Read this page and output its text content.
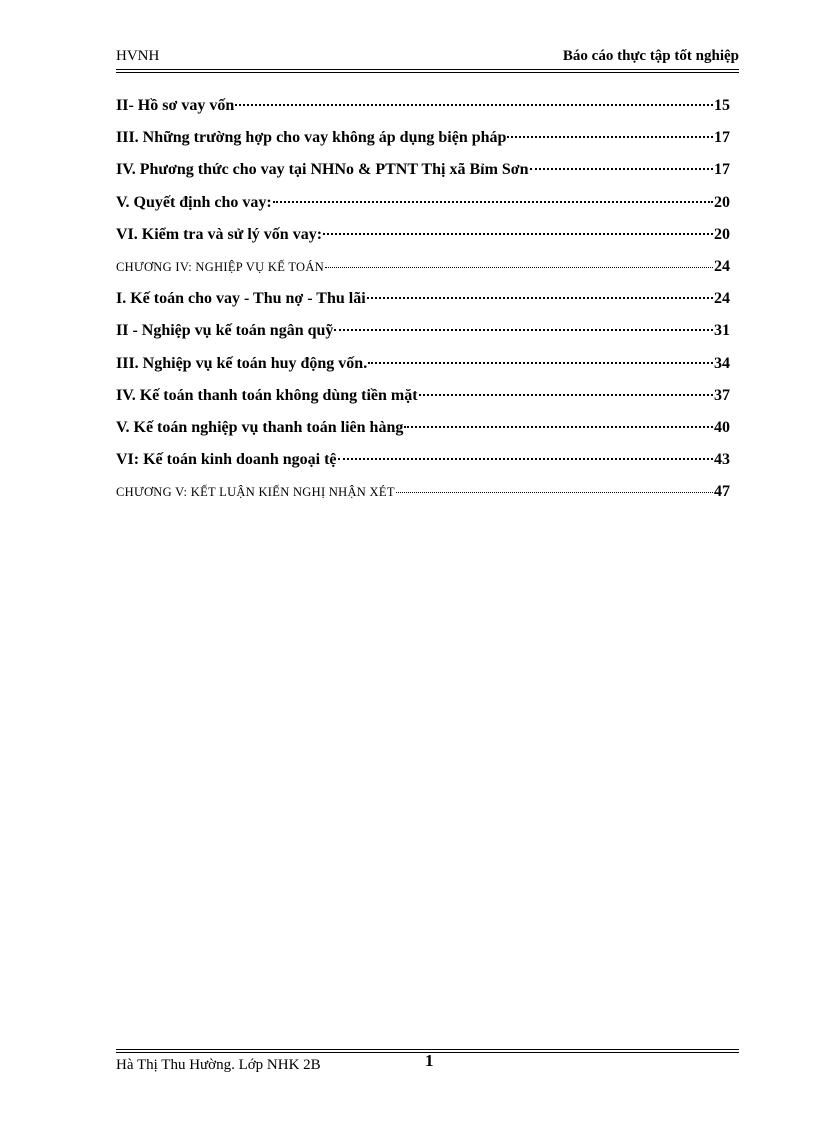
HVNH	Báo cáo thực tập tốt nghiệp
II- Hồ sơ vay vốn	15
III. Những trường hợp cho vay không áp dụng biện pháp	17
IV. Phương thức cho vay tại NHNo & PTNT Thị xã Bỉm Sơn	17
V. Quyết định cho vay:	20
VI. Kiểm tra và sử lý vốn vay:	20
CHƯƠNG IV: NGHIỆP VỤ KẾ TOÁN	24
I. Kế toán cho vay - Thu nợ - Thu lãi	24
II - Nghiệp vụ kế toán ngân quỹ	31
III. Nghiệp vụ kế toán huy động vốn.	34
IV. Kế toán thanh toán không dùng tiền mặt	37
V. Kế toán nghiệp vụ thanh toán liên hàng	40
VI: Kế toán kinh doanh ngoại tệ	43
CHƯƠNG V: KẾT LUẬN KIẾN NGHỊ NHẬN XÉT	47
Hà Thị Thu Hường. Lớp NHK 2B	1
